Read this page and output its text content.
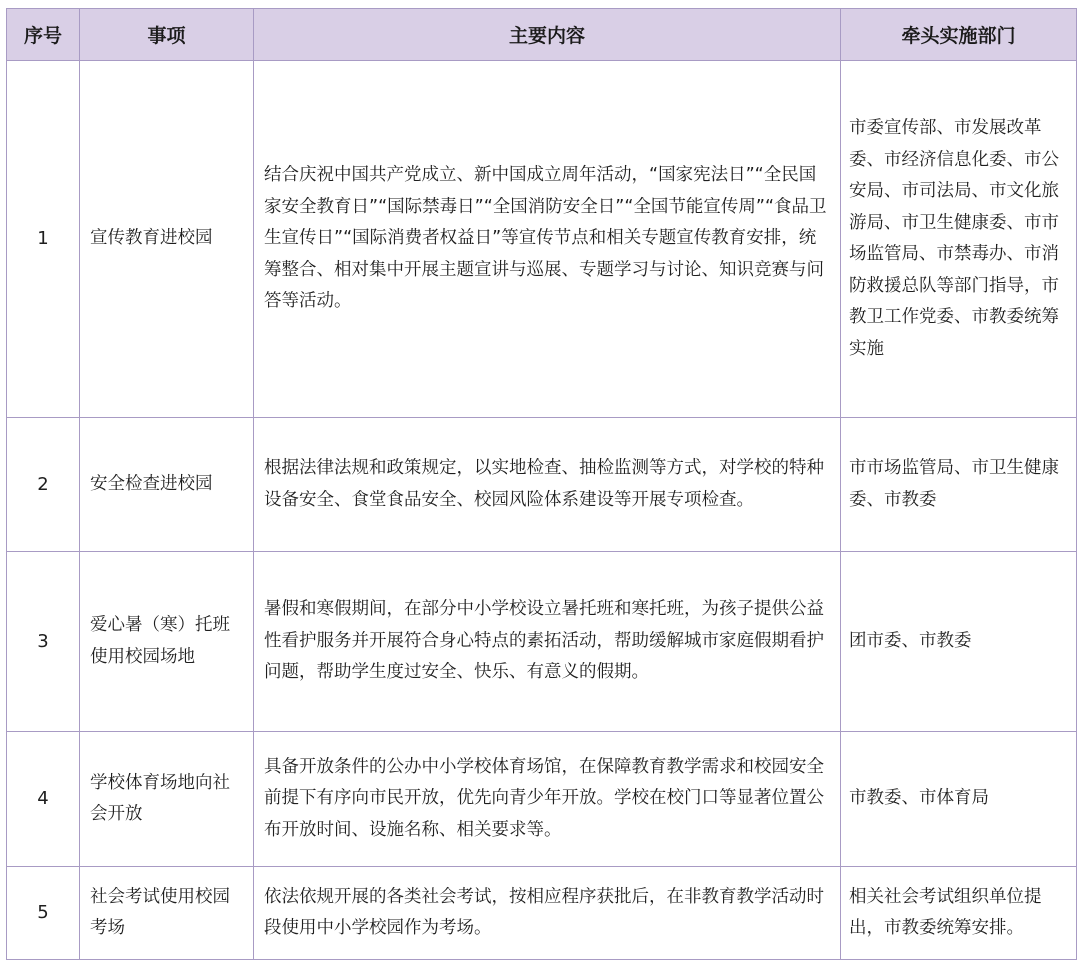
序号	事项	主要内容	牵头实施部门
1	宣传教育进校园	结合庆祝中国共产党成立、新中国成立周年活动，“国家宪法日”“全民国家安全教育日”“国际禁毒日”“全国消防安全日”“全国节能宣传周”“食品卫生宣传日”“国际消费者权益日”等宣传节点和相关专题宣传教育安排，统筹整合、相对集中开展主题宣讲与巡展、专题学习与讨论、知识竞赛与问答等活动。	市委宣传部、市发展改革委、市经济信息化委、市公安局、市司法局、市文化旅游局、市卫生健康委、市市场监管局、市禁毒办、市消防救援总队等部门指导，市教卫工作党委、市教委统筹实施
2	安全检查进校园	根据法律法规和政策规定，以实地检查、抽检监测等方式，对学校的特种设备安全、食堂食品安全、校园风险体系建设等开展专项检查。	市市场监管局、市卫生健康委、市教委
3	爱心暑（寒）托班使用校园场地	暑假和寒假期间，在部分中小学校设立暑托班和寒托班，为孩子提供公益性看护服务并开展符合身心特点的素拓活动，帮助缓解城市家庭假期看护问题，帮助学生度过安全、快乐、有意义的假期。	团市委、市教委
4	学校体育场地向社会开放	具备开放条件的公办中小学校体育场馆，在保障教育教学需求和校园安全前提下有序向市民开放，优先向青少年开放。学校在校门口等显著位置公布开放时间、设施名称、相关要求等。	市教委、市体育局
5	社会考试使用校园考场	依法依规开展的各类社会考试，按相应程序获批后，在非教育教学活动时段使用中小学校园作为考场。	相关社会考试组织单位提出，市教委统筹安排。
